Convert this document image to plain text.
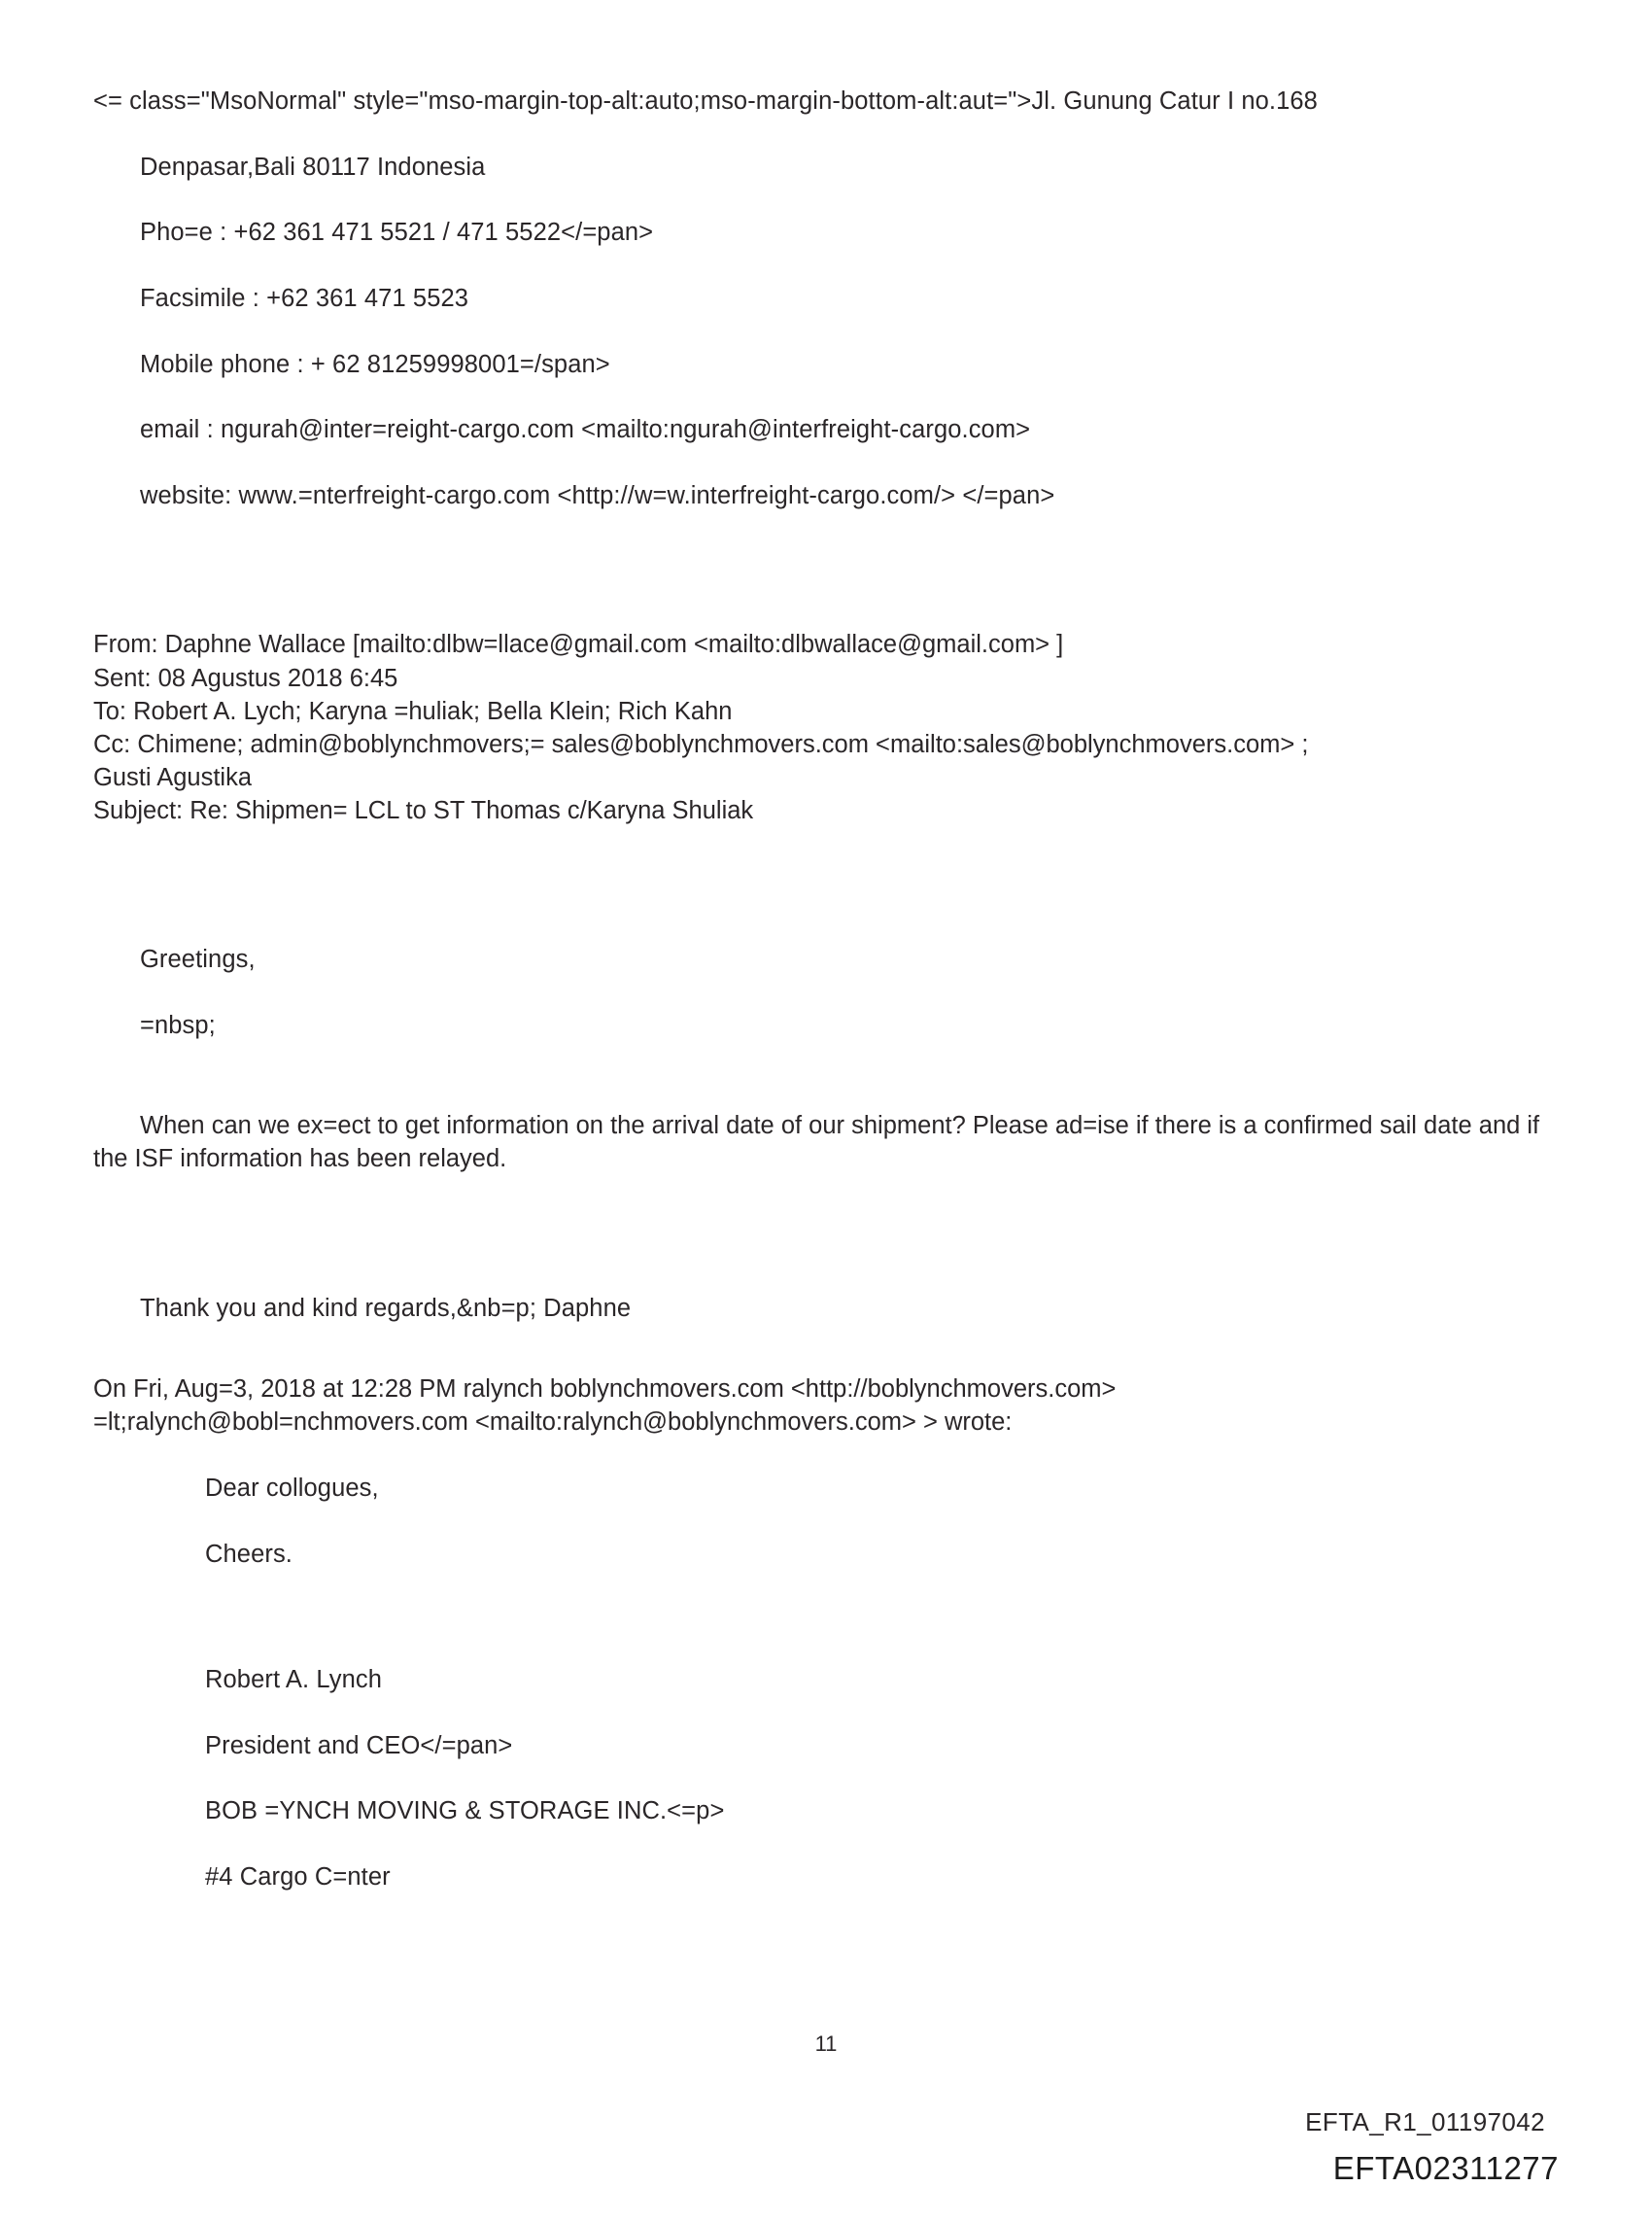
<= class="MsoNormal" style="mso-margin-top-alt:auto;mso-margin-bottom-alt:aut=">Jl. Gunung Catur I no.168

Denpasar,Bali 80117 Indonesia

Pho=e : +62 361 471 5521 / 471 5522</=pan>

Facsimile : +62 361 471 5523

Mobile phone : + 62 81259998001=/span>

email : ngurah@inter=reight-cargo.com <mailto:ngurah@interfreight-cargo.com>

website: www.=nterfreight-cargo.com <http://w=w.interfreight-cargo.com/> </=pan>

From: Daphne Wallace [mailto:dlbw=llace@gmail.com <mailto:dlbwallace@gmail.com> ]
Sent: 08 Agustus 2018 6:45
To: Robert A. Lych; Karyna =huliak; Bella Klein; Rich Kahn
Cc: Chimene; admin@boblynchmovers;= sales@boblynchmovers.com <mailto:sales@boblynchmovers.com> ;
Gusti Agustika
Subject: Re: Shipmen= LCL to ST Thomas c/Karyna Shuliak

Greetings,

=nbsp;

When can we ex=ect to get information on the arrival date of our shipment? Please ad=ise if there is a confirmed sail date and if the ISF information has been relayed.

Thank you and kind regards,&nb=p; Daphne

On Fri, Aug=3, 2018 at 12:28 PM ralynch boblynchmovers.com <http://boblynchmovers.com>
=lt;ralynch@bobl=nchmovers.com <mailto:ralynch@boblynchmovers.com> > wrote:

Dear collogues,

Cheers.

Robert A. Lynch

President and CEO</=pan>

BOB =YNCH MOVING & STORAGE INC.<=p>

#4 Cargo C=nter

11
EFTA_R1_01197042
EFTA02311277
